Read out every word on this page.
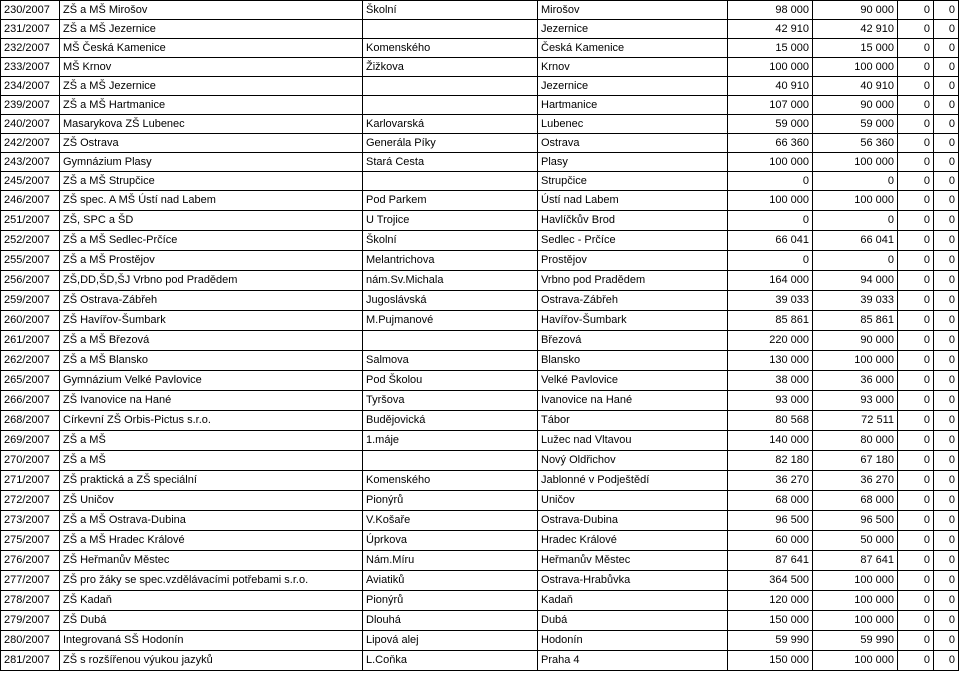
230/2007	ZŠ a MŠ Mirošov	Školní	Mirošov	98 000	90 000	0	0
231/2007	ZŠ a MŠ Jezernice		Jezernice	42 910	42 910	0	0
232/2007	MŠ Česká Kamenice	Komenského	Česká Kamenice	15 000	15 000	0	0
233/2007	MŠ Krnov	Žižkova	Krnov	100 000	100 000	0	0
234/2007	ZŠ a MŠ Jezernice		Jezernice	40 910	40 910	0	0
239/2007	ZŠ a MŠ Hartmanice		Hartmanice	107 000	90 000	0	0
240/2007	Masarykova ZŠ Lubenec	Karlovarská	Lubenec	59 000	59 000	0	0
242/2007	ZŠ Ostrava	Generála Píky	Ostrava	66 360	56 360	0	0
243/2007	Gymnázium Plasy	Stará Cesta	Plasy	100 000	100 000	0	0
245/2007	ZŠ a MŠ Strupčice		Strupčice	0	0	0	0
246/2007	ZŠ spec. A MŠ Ústí nad Labem	Pod Parkem	Ústí nad Labem	100 000	100 000	0	0
251/2007	ZŠ, SPC a ŠD	U Trojice	Havlíčkův Brod	0	0	0	0
252/2007	ZŠ a MŠ Sedlec-Prčíce	Školní	Sedlec - Prčíce	66 041	66 041	0	0
255/2007	ZŠ a MŠ Prostějov	Melantrichova	Prostějov	0	0	0	0
256/2007	ZŠ,DD,ŠD,ŠJ Vrbno pod Pradědem	nám.Sv.Michala	Vrbno pod Pradědem	164 000	94 000	0	0
259/2007	ZŠ Ostrava-Zábřeh	Jugoslávská	Ostrava-Zábřeh	39 033	39 033	0	0
260/2007	ZŠ Havířov-Šumbark	M.Pujmanové	Havířov-Šumbark	85 861	85 861	0	0
261/2007	ZŠ a MŠ Březová		Březová	220 000	90 000	0	0
262/2007	ZŠ a MŠ Blansko	Salmova	Blansko	130 000	100 000	0	0
265/2007	Gymnázium Velké Pavlovice	Pod Školou	Velké Pavlovice	38 000	36 000	0	0
266/2007	ZŠ Ivanovice na Hané	Tyršova	Ivanovice na Hané	93 000	93 000	0	0
268/2007	Církevní ZŠ Orbis-Pictus s.r.o.	Budějovická	Tábor	80 568	72 511	0	0
269/2007	ZŠ a MŠ	1.máje	Lužec nad Vltavou	140 000	80 000	0	0
270/2007	ZŠ a MŠ		Nový Oldřichov	82 180	67 180	0	0
271/2007	ZŠ praktická a ZŠ speciální	Komenského	Jablonné v Podještědí	36 270	36 270	0	0
272/2007	ZŠ Uničov	Pionýrů	Uničov	68 000	68 000	0	0
273/2007	ZŠ a MŠ Ostrava-Dubina	V.Košaře	Ostrava-Dubina	96 500	96 500	0	0
275/2007	ZŠ a MŠ Hradec Králové	Úprkova	Hradec Králové	60 000	50 000	0	0
276/2007	ZŠ Heřmanův Městec	Nám.Míru	Heřmanův Městec	87 641	87 641	0	0
277/2007	ZŠ pro žáky se spec.vzdělávacími potřebami s.r.o.	Aviatiků	Ostrava-Hrabůvka	364 500	100 000	0	0
278/2007	ZŠ Kadaň	Pionýrů	Kadaň	120 000	100 000	0	0
279/2007	ZŠ Dubá	Dlouhá	Dubá	150 000	100 000	0	0
280/2007	Integrovaná SŠ Hodonín	Lipová alej	Hodonín	59 990	59 990	0	0
281/2007	ZŠ s rozšířenou výukou jazyků	L.Coňka	Praha 4	150 000	100 000	0	0
